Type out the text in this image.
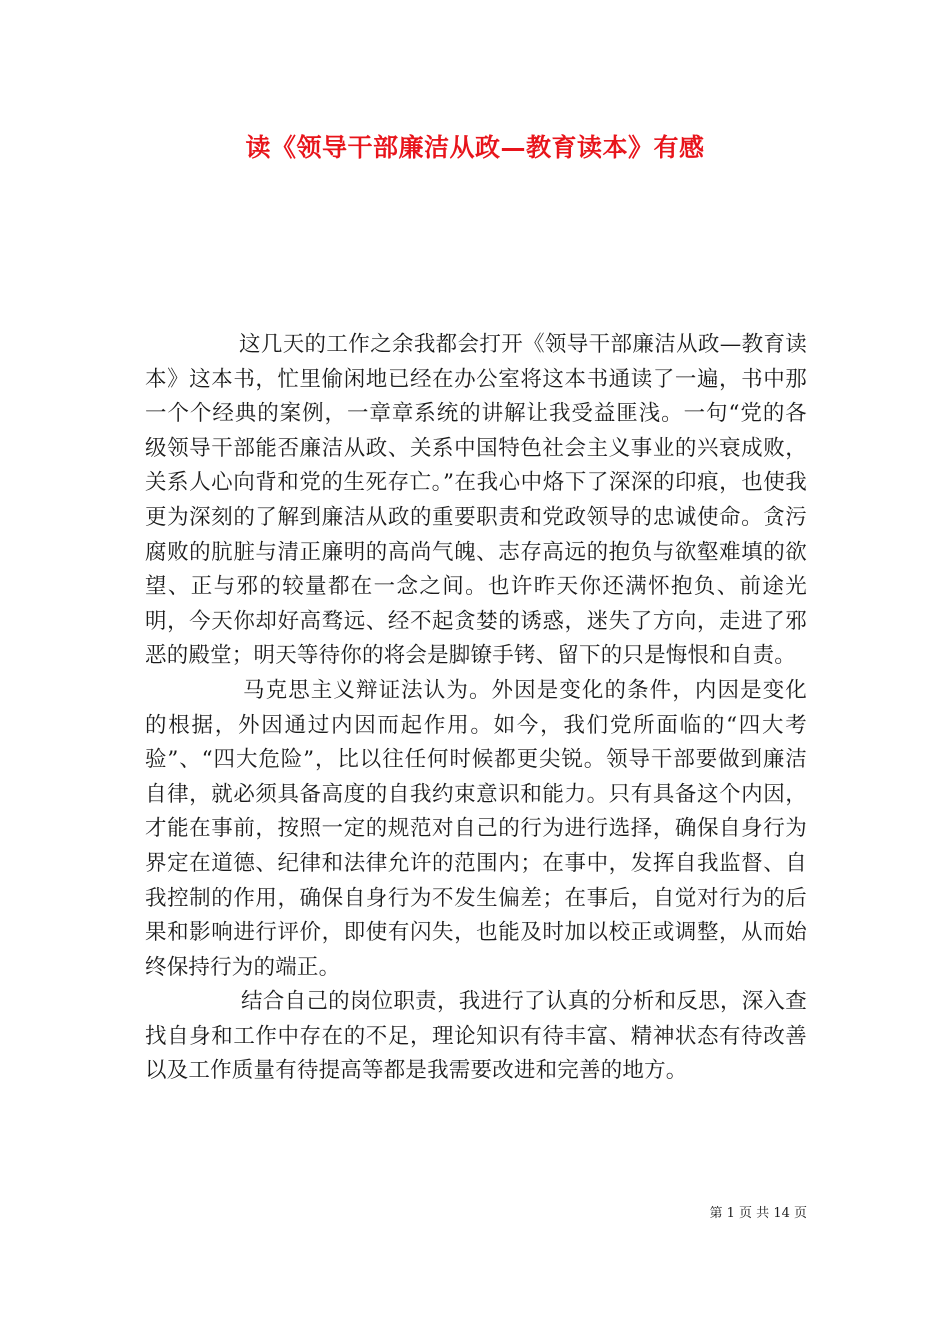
读《领导干部廉洁从政—教育读本》有感

这几天的工作之余我都会打开《领导干部廉洁从政—教育读本》这本书，忙里偷闲地已经在办公室将这本书通读了一遍，书中那一个个经典的案例，一章章系统的讲解让我受益匪浅。一句“党的各级领导干部能否廉洁从政、关系中国特色社会主义事业的兴衰成败，关系人心向背和党的生死存亡。”在我心中烙下了深深的印痕，也使我更为深刻的了解到廉洁从政的重要职责和党政领导的忠诚使命。贪污腐败的肮脏与清正廉明的高尚气魄、志存高远的抱负与欲壑难填的欲望、正与邪的较量都在一念之间。也许昨天你还满怀抱负、前途光明，今天你却好高骛远、经不起贪婪的诱惑，迷失了方向，走进了邪恶的殿堂；明天等待你的将会是脚镣手铐、留下的只是悔恨和自责。

马克思主义辩证法认为。外因是变化的条件，内因是变化的根据，外因通过内因而起作用。如今，我们党所面临的“四大考验”、“四大危险”，比以往任何时候都更尖锐。领导干部要做到廉洁自律，就必须具备高度的自我约束意识和能力。只有具备这个内因，才能在事前，按照一定的规范对自己的行为进行选择，确保自身行为界定在道德、纪律和法律允许的范围内；在事中，发挥自我监督、自我控制的作用，确保自身行为不发生偏差；在事后，自觉对行为的后果和影响进行评价，即使有闪失，也能及时加以校正或调整，从而始终保持行为的端正。

结合自己的岗位职责，我进行了认真的分析和反思，深入查找自身和工作中存在的不足，理论知识有待丰富、精神状态有待改善以及工作质量有待提高等都是我需要改进和完善的地方。

第 1 页 共 14 页
